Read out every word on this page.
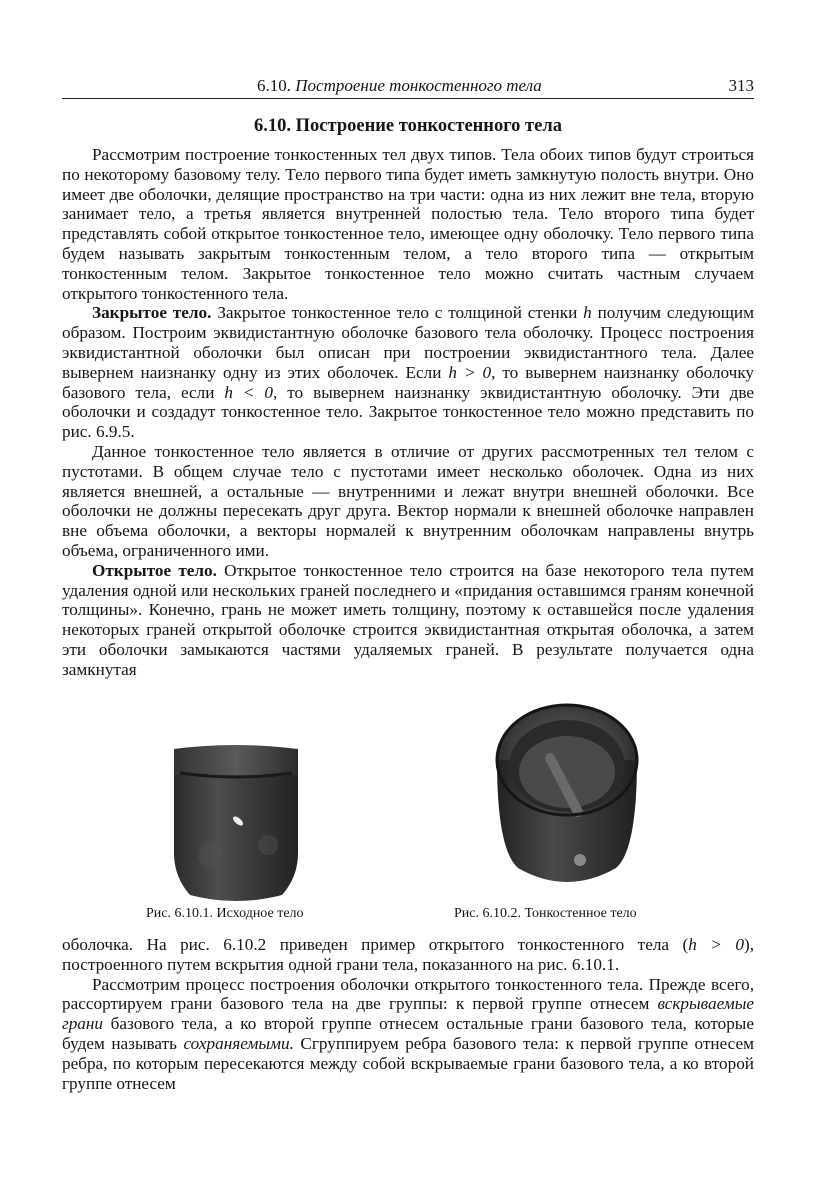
6.10. Построение тонкостенного тела	313
6.10. Построение тонкостенного тела

Рассмотрим построение тонкостенных тел двух типов. Тела обоих типов будут строиться по некоторому базовому телу. Тело первого типа будет иметь замкнутую полость внутри. Оно имеет две оболочки, делящие пространство на три части: одна из них лежит вне тела, вторую занимает тело, а третья является внутренней полостью тела. Тело второго типа будет представлять собой открытое тонкостенное тело, имеющее одну оболочку. Тело первого типа будем называть закрытым тонкостенным телом, а тело второго типа — открытым тонкостенным телом. Закрытое тонкостенное тело можно считать частным случаем открытого тонкостенного тела.

Закрытое тело. Закрытое тонкостенное тело с толщиной стенки h получим следующим образом. Построим эквидистантную оболочке базового тела оболочку. Процесс построения эквидистантной оболочки был описан при построении эквидистантного тела. Далее вывернем наизнанку одну из этих оболочек. Если h > 0, то вывернем наизнанку оболочку базового тела, если h < 0, то вывернем наизнанку эквидистантную оболочку. Эти две оболочки и создадут тонкостенное тело. Закрытое тонкостенное тело можно представить по рис. 6.9.5.

Данное тонкостенное тело является в отличие от других рассмотренных тел телом с пустотами. В общем случае тело с пустотами имеет несколько оболочек. Одна из них является внешней, а остальные — внутренними и лежат внутри внешней оболочки. Все оболочки не должны пересекать друг друга. Вектор нормали к внешней оболочке направлен вне объема оболочки, а векторы нормалей к внутренним оболочкам направлены внутрь объема, ограниченного ими.

Открытое тело. Открытое тонкостенное тело строится на базе некоторого тела путем удаления одной или нескольких граней последнего и «придания оставшимся граням конечной толщины». Конечно, грань не может иметь толщину, поэтому к оставшейся после удаления некоторых граней открытой оболочке строится эквидистантная открытая оболочка, а затем эти оболочки замыкаются частями удаляемых граней. В результате получается одна замкнутая

Рис. 6.10.1. Исходное тело	Рис. 6.10.2. Тонкостенное тело

оболочка. На рис. 6.10.2 приведен пример открытого тонкостенного тела (h > 0), построенного путем вскрытия одной грани тела, показанного на рис. 6.10.1.

Рассмотрим процесс построения оболочки открытого тонкостенного тела. Прежде всего, рассортируем грани базового тела на две группы: к первой группе отнесем вскрываемые грани базового тела, а ко второй группе отнесем остальные грани базового тела, которые будем называть сохраняемыми. Сгруппируем ребра базового тела: к первой группе отнесем ребра, по которым пересекаются между собой вскрываемые грани базового тела, а ко второй группе отнесем
